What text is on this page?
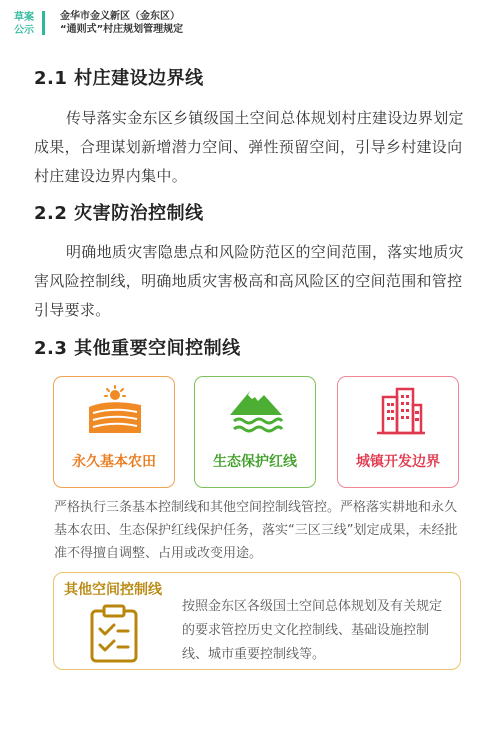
草案
公示
金华市金义新区（金东区）
“通则式”村庄规划管理规定
2.1 村庄建设边界线
传导落实金东区乡镇级国土空间总体规划村庄建设边界划定成果，合理谋划新增潜力空间、弹性预留空间，引导乡村建设向村庄建设边界内集中。
2.2 灾害防治控制线
明确地质灾害隐患点和风险防范区的空间范围，落实地质灾害风险控制线，明确地质灾害极高和高风险区的空间范围和管控引导要求。
2.3 其他重要空间控制线
永久基本农田	生态保护红线	城镇开发边界
严格执行三条基本控制线和其他空间控制线管控。严格落实耕地和永久基本农田、生态保护红线保护任务，落实“三区三线”划定成果，未经批准不得擅自调整、占用或改变用途。
其他空间控制线
按照金东区各级国土空间总体规划及有关规定的要求管控历史文化控制线、基础设施控制线、城市重要控制线等。
